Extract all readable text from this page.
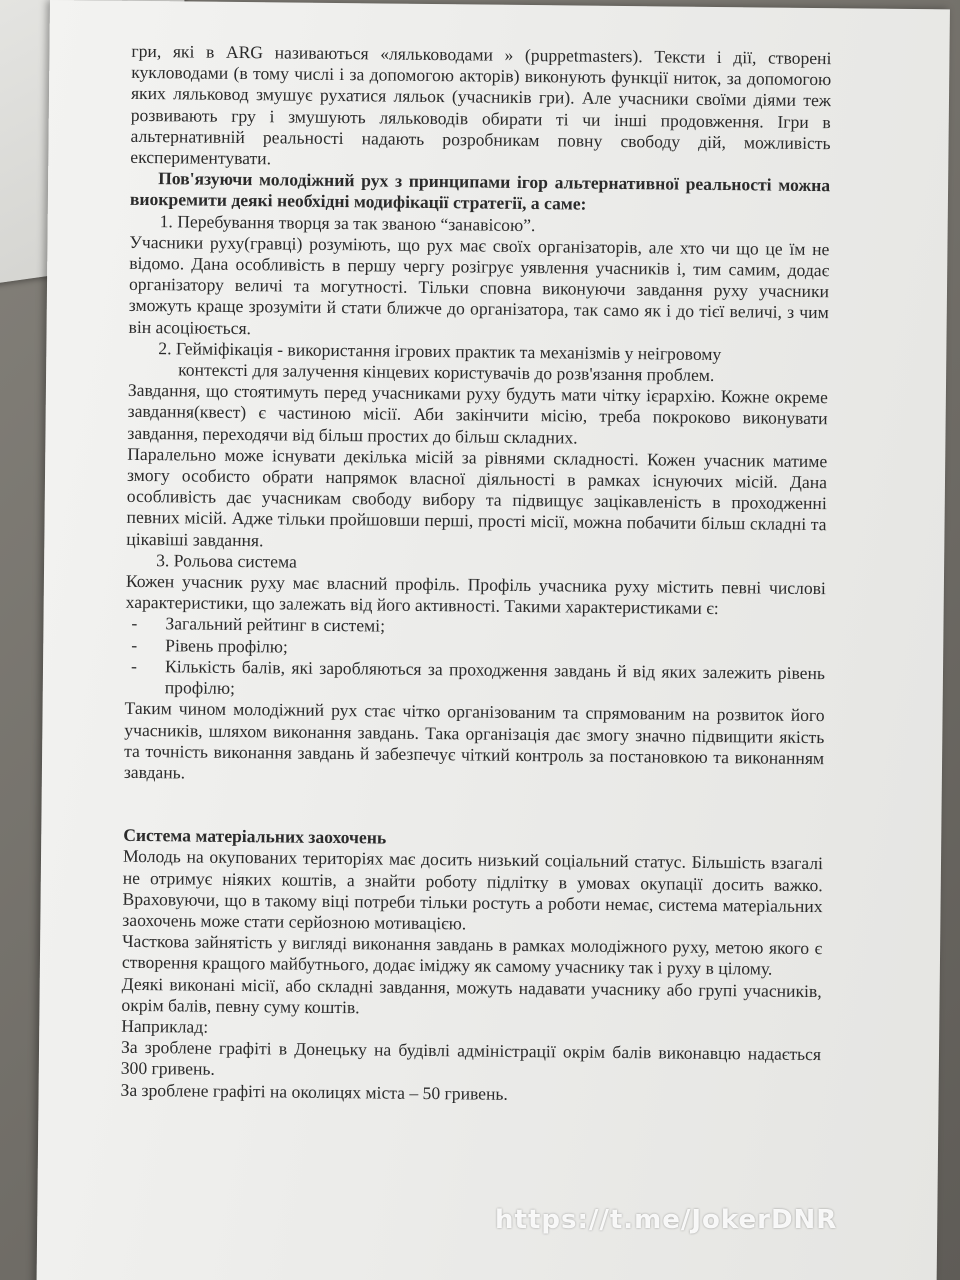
гри, які в ARG називаються «ляльководами » (puppetmasters). Тексти і дії, створені кукловодами (в тому числі і за допомогою акторів) виконують функції ниток, за допомогою яких ляльковод змушує рухатися ляльок (учасників гри). Але учасники своїми діями теж розвивають гру і змушують ляльководів обирати ті чи інші продовження. Ігри в альтернативній реальності надають розробникам повну свободу дій, можливість експериментувати.

Пов'язуючи молодіжний рух з принципами ігор альтернативної реальності можна виокремити деякі необхідні модифікації стратегії, а саме:

1. Перебування творця за так званою “занавісою”.

Учасники руху(гравці) розуміють, що рух має своїх організаторів, але хто чи що це їм не відомо. Дана особливість в першу чергу розігрує уявлення учасників і, тим самим, додає організатору величі та могутності. Тільки сповна виконуючи завдання руху учасники зможуть краще зрозуміти й стати ближче до організатора, так само як і до тієї величі, з чим він асоціюється.

2. Гейміфікація - використання ігрових практик та механізмів у неігровому
контексті для залучення кінцевих користувачів до розв'язання проблем.

Завдання, що стоятимуть перед учасниками руху будуть мати чітку ієрархію. Кожне окреме завдання(квест) є частиною місії. Аби закінчити місію, треба покроково виконувати завдання, переходячи від більш простих до більш складних.

Паралельно може існувати декілька місій за рівнями складності. Кожен учасник матиме змогу особисто обрати напрямок власної діяльності в рамках існуючих місій. Дана особливість дає учасникам свободу вибору та підвищує зацікавленість в проходженні певних місій. Адже тільки пройшовши перші, прості місії, можна побачити більш складні та цікавіші завдання.

3. Рольова система

Кожен учасник руху має власний профіль. Профіль учасника руху містить певні числові характеристики, що залежать від його активності. Такими характеристиками є:

- Загальний рейтинг в системі;

- Рівень профілю;

- Кількість балів, які заробляються за проходження завдань й від яких залежить рівень профілю;

Таким чином молодіжний рух стає чітко організованим та спрямованим на розвиток його учасників, шляхом виконання завдань. Така організація дає змогу значно підвищити якість та точність виконання завдань й забезпечує чіткий контроль за постановкою та виконанням завдань.

Система матеріальних заохочень

Молодь на окупованих територіях має досить низький соціальний статус. Більшість взагалі не отримує ніяких коштів, а знайти роботу підлітку в умовах окупації досить важко. Враховуючи, що в такому віці потреби тільки ростуть а роботи немає, система матеріальних заохочень може стати серйозною мотивацією.

Часткова зайнятість у вигляді виконання завдань в рамках молодіжного руху, метою якого є створення кращого майбутнього, додає іміджу як самому учаснику так і руху в цілому.

Деякі виконані місії, або складні завдання, можуть надавати учаснику або групі учасників, окрім балів, певну суму коштів.

Наприклад:

За зроблене графіті в Донецьку на будівлі адміністрації окрім балів виконавцю надається 300 гривень.

За зроблене графіті на околицях міста – 50 гривень.

https://t.me/JokerDNR
